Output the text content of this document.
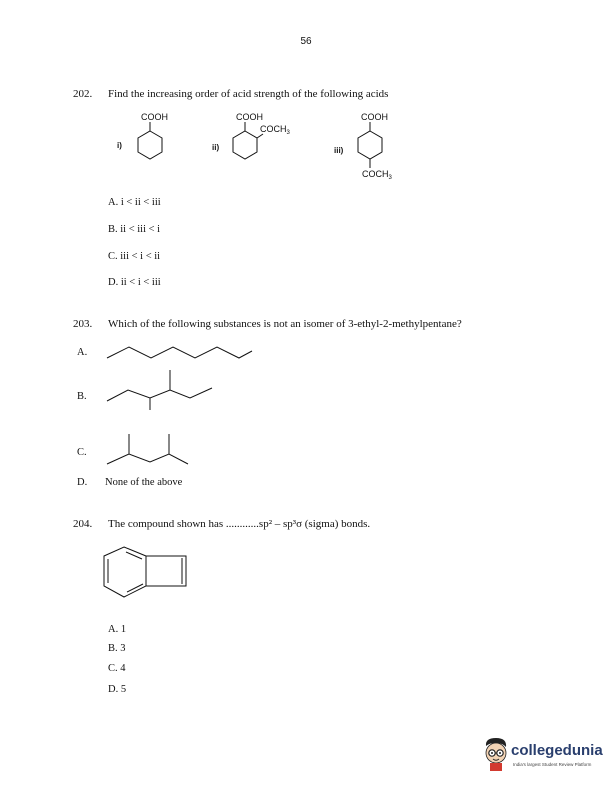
56
202. Find the increasing order of acid strength of the following acids
i)
COOH
ii)
COOH
$COCH_3$
iii)
COOH
$COCH_3$
A. i < ii < iii
B. ii < iii < i
C. iii < i < ii
D. ii < i < iii
203. Which of the following substances is not an isomer of 3-ethyl-2-methylpentane?
A.
B.
C.
D. None of the above
204. The compound shown has ............sp² – sp³σ (sigma) bonds.
A. 1
B. 3
C. 4
D. 5
collegedunia
India's largest Student Review Platform
